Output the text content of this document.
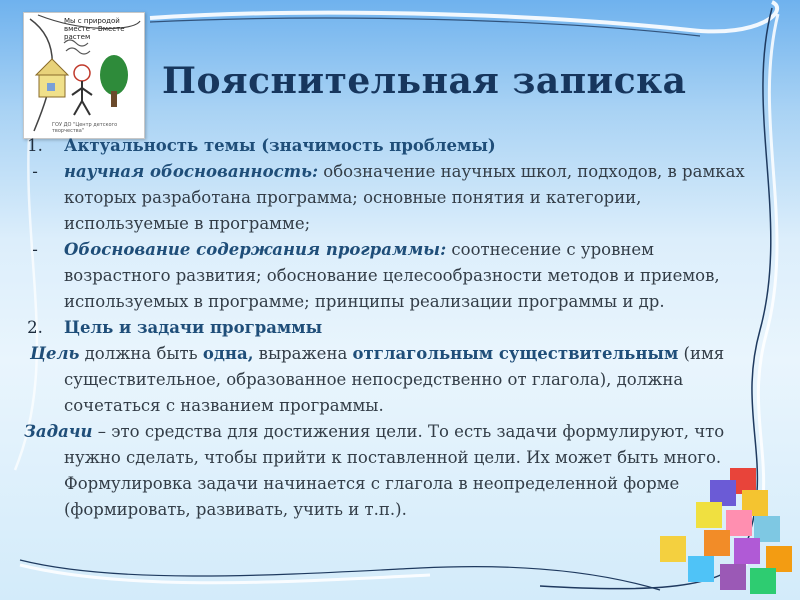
Мы с природой вместе – Вместе растем
ГОУ ДО "Центр детского творчества"
Пояснительная записка
1.	Актуальность темы (значимость проблемы)
-	научная обоснованность: обозначение научных школ, подходов, в рамках которых разработана программа; основные понятия и категории, используемые в программе;
-	Обоснование содержания программы: соотнесение с уровнем возрастного развития; обоснование целесообразности методов и приемов, используемых в программе; принципы реализации программы и др.
2.	Цель и задачи программы
Цель должна быть одна, выражена отглагольным существительным (имя существительное, образованное непосредственно от глагола), должна сочетаться с названием программы.
Задачи – это средства для достижения цели. То есть задачи формулируют, что нужно сделать, чтобы прийти к поставленной цели. Их может быть много. Формулировка задачи начинается с глагола в неопределенной форме (формировать, развивать, учить и т.п.).
